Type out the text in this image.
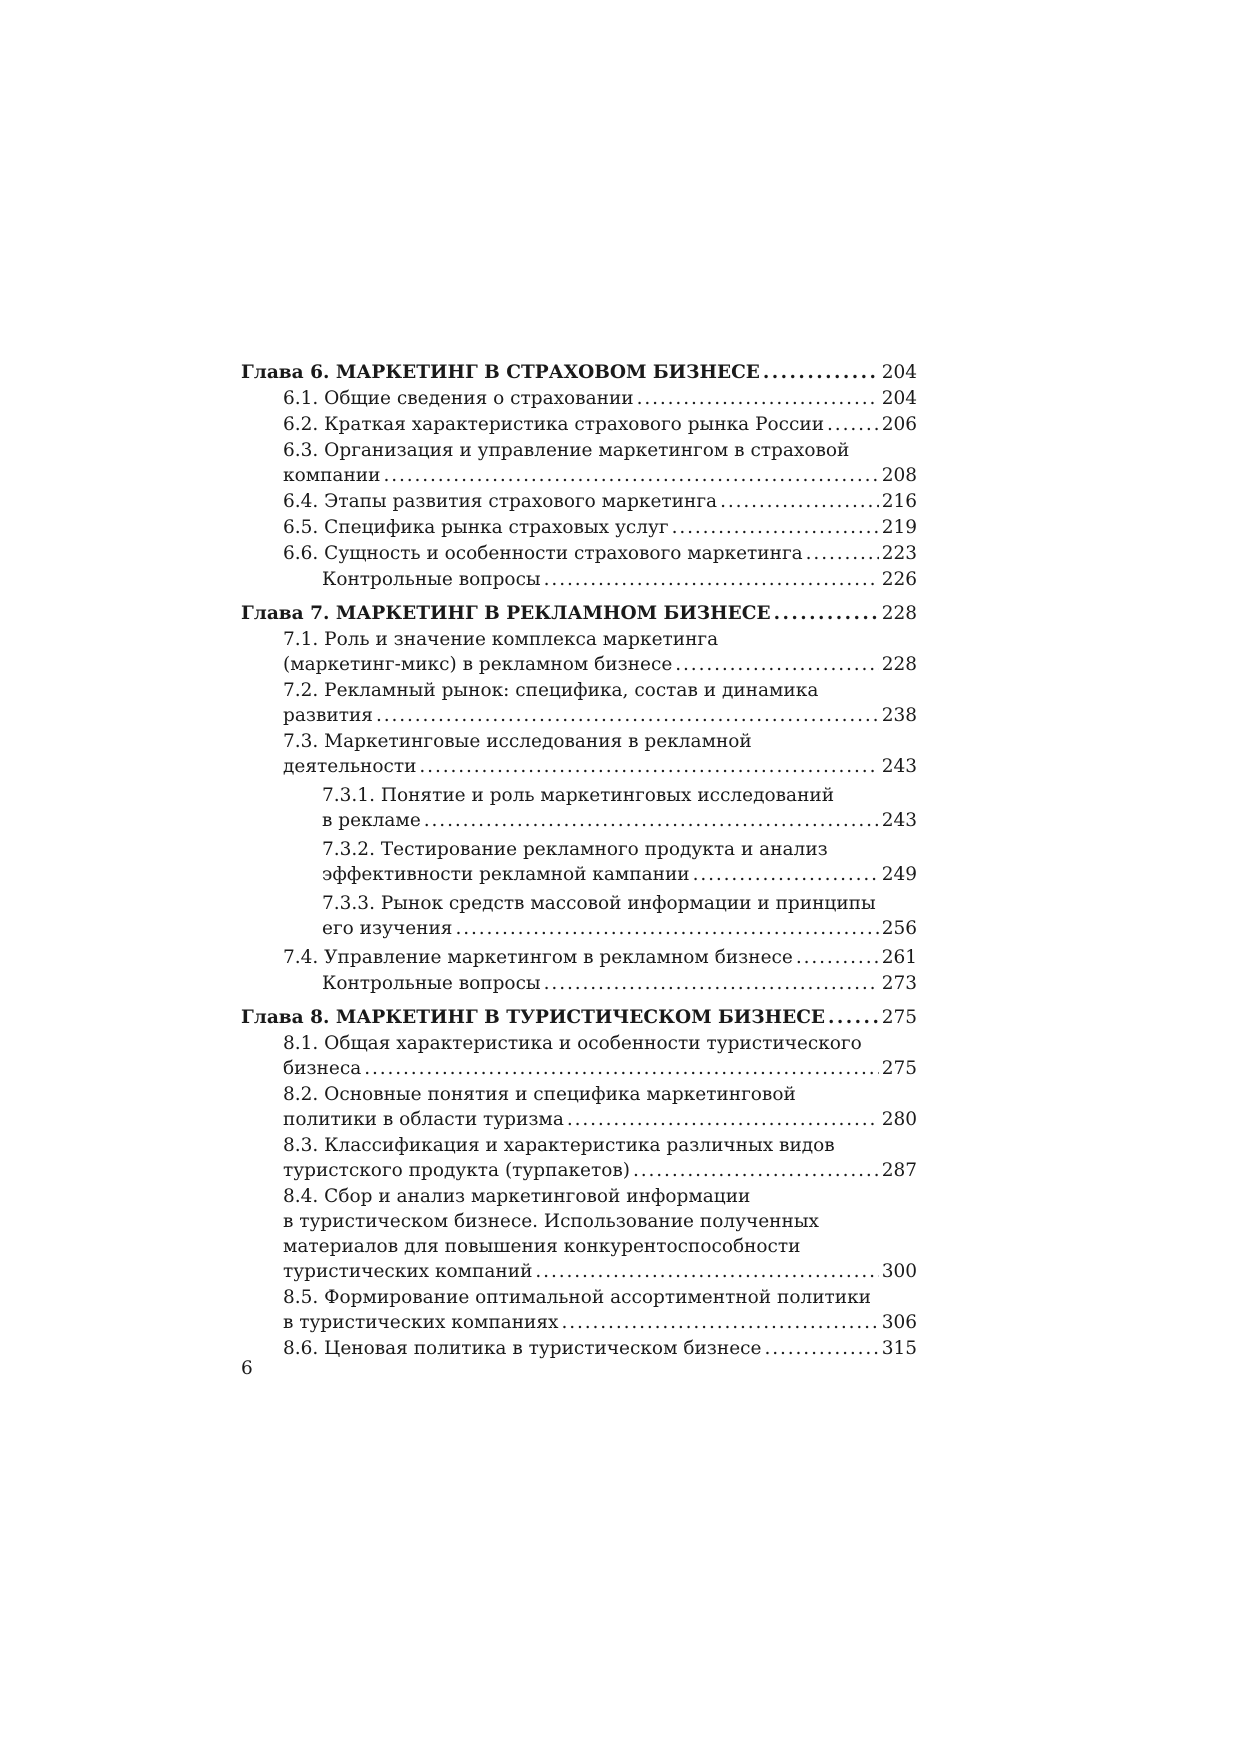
Глава 6. МАРКЕТИНГ В СТРАХОВОМ БИЗНЕСЕ . . .	204
6.1. Общие сведения о страховании . . .	204
6.2. Краткая характеристика страхового рынка России . . .	206
6.3. Организация и управление маркетингом в страховой
компании . . .	208
6.4. Этапы развития страхового маркетинга . . .	216
6.5. Специфика рынка страховых услуг . . .	219
6.6. Сущность и особенности страхового маркетинга . . .	223
Контрольные вопросы . . .	226
Глава 7. МАРКЕТИНГ В РЕКЛАМНОМ БИЗНЕСЕ . . .	228
7.1. Роль и значение комплекса маркетинга
(маркетинг-микс) в рекламном бизнесе . . .	228
7.2. Рекламный рынок: специфика, состав и динамика
развития . . .	238
7.3. Маркетинговые исследования в рекламной
деятельности . . .	243
7.3.1. Понятие и роль маркетинговых исследований
в рекламе . . .	243
7.3.2. Тестирование рекламного продукта и анализ
эффективности рекламной кампании . . .	249
7.3.3. Рынок средств массовой информации и принципы
его изучения . . .	256
7.4. Управление маркетингом в рекламном бизнесе . . .	261
Контрольные вопросы . . .	273
Глава 8. МАРКЕТИНГ В ТУРИСТИЧЕСКОМ БИЗНЕСЕ . . .	275
8.1. Общая характеристика и особенности туристического
бизнеса . . .	275
8.2. Основные понятия и специфика маркетинговой
политики в области туризма . . .	280
8.3. Классификация и характеристика различных видов
туристского продукта (турпакетов) . . .	287
8.4. Сбор и анализ маркетинговой информации
в туристическом бизнесе. Использование полученных
материалов для повышения конкурентоспособности
туристических компаний . . .	300
8.5. Формирование оптимальной ассортиментной политики
в туристических компаниях . . .	306
8.6. Ценовая политика в туристическом бизнесе . . .	315
6
